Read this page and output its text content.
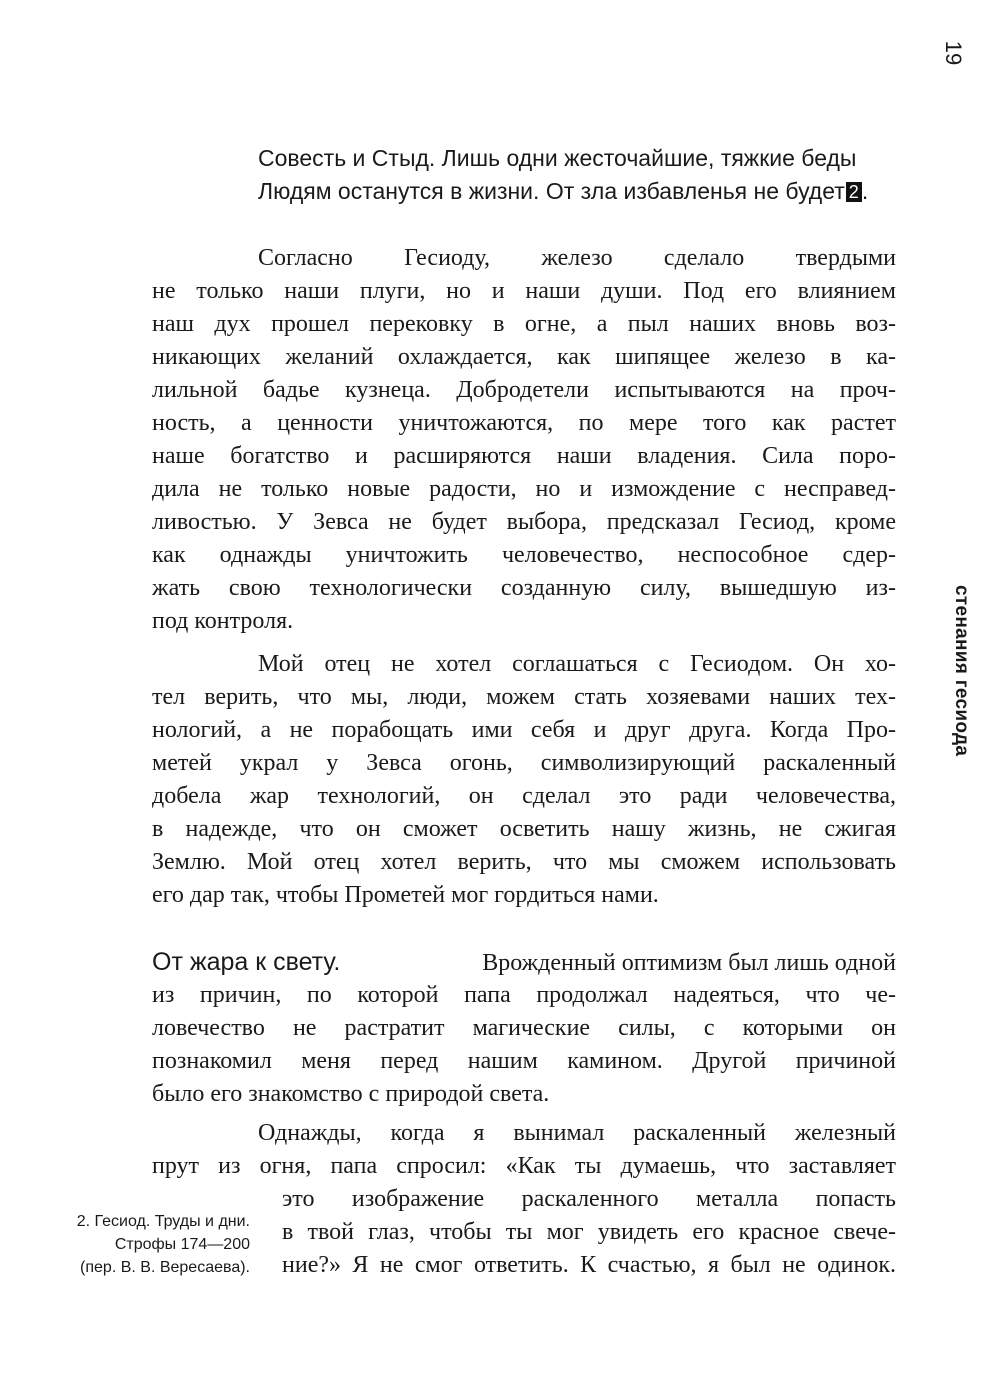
19
стенания гесиода
Совесть и Стыд. Лишь одни жесточайшие, тяжкие беды
Людям останутся в жизни. От зла избавленья не будет 2 .
Согласно Гесиоду, железо сделало твердыми
не только наши плуги, но и наши души. Под его влиянием
наш дух прошел перековку в огне, а пыл наших вновь воз-
никающих желаний охлаждается, как шипящее железо в ка-
лильной бадье кузнеца. Добродетели испытываются на проч-
ность, а ценности уничтожаются, по мере того как растет
наше богатство и расширяются наши владения. Сила поро-
дила не только новые радости, но и измождение с несправед-
ливостью. У Зевса не будет выбора, предсказал Гесиод, кроме
как однажды уничтожить человечество, неспособное сдер-
жать свою технологически созданную силу, вышедшую из-
под контроля.
Мой отец не хотел соглашаться с Гесиодом. Он хо-
тел верить, что мы, люди, можем стать хозяевами наших тех-
нологий, а не порабощать ими себя и друг друга. Когда Про-
метей украл у Зевса огонь, символизирующий раскаленный
добела жар технологий, он сделал это ради человечества,
в надежде, что он сможет осветить нашу жизнь, не сжигая
Землю. Мой отец хотел верить, что мы сможем использовать
его дар так, чтобы Прометей мог гордиться нами.
От жара к свету.	Врожденный оптимизм был лишь одной
из причин, по которой папа продолжал надеяться, что че-
ловечество не растратит магические силы, с которыми он
познакомил меня перед нашим камином. Другой причиной
было его знакомство с природой света.
Однажды, когда я вынимал раскаленный железный
прут из огня, папа спросил: «Как ты думаешь, что заставляет
это изображение раскаленного металла попасть
в твой глаз, чтобы ты мог увидеть его красное свече-
ние?» Я не смог ответить. К счастью, я был не одинок.
2. Гесиод. Труды и дни.
Строфы 174—200
(пер. В. В. Вересаева).
